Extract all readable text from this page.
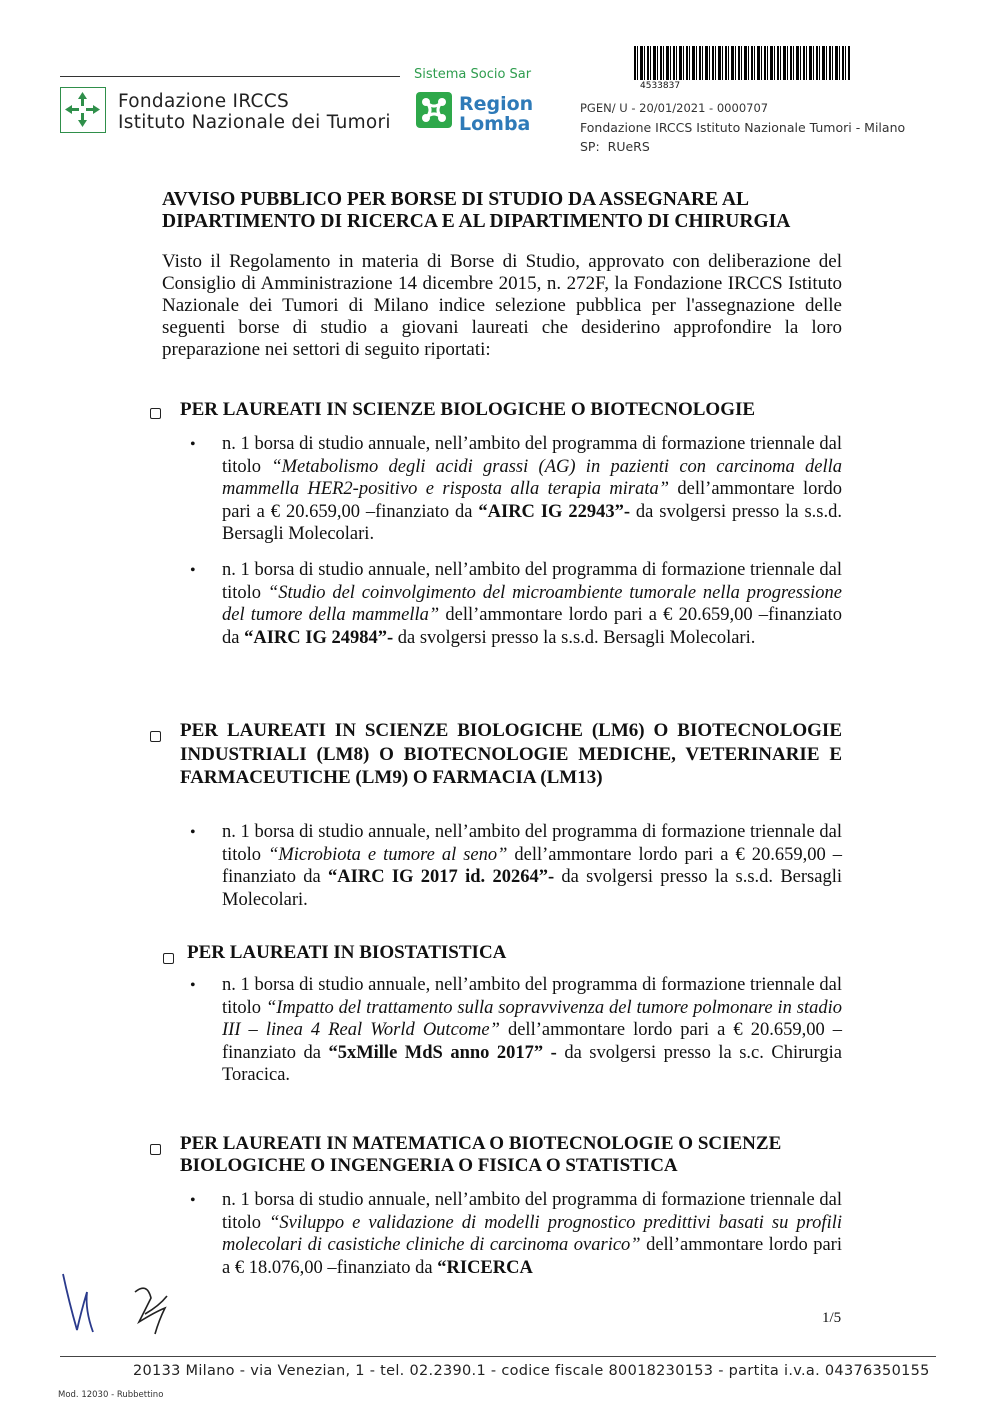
Sistema Socio Sar
Fondazione IRCCS
Istituto Nazionale dei Tumori
Region
Lomba
4533837
PGEN/ U - 20/01/2021 - 0000707
Fondazione IRCCS Istituto Nazionale Tumori - Milano
SP: RUeRS
AVVISO PUBBLICO PER BORSE DI STUDIO DA ASSEGNARE AL
DIPARTIMENTO DI RICERCA E AL DIPARTIMENTO DI CHIRURGIA
Visto il Regolamento in materia di Borse di Studio, approvato con deliberazione del Consiglio di Amministrazione 14 dicembre 2015, n. 272F, la Fondazione IRCCS Istituto Nazionale dei Tumori di Milano indice selezione pubblica per l'assegnazione delle seguenti borse di studio a giovani laureati che desiderino approfondire la loro preparazione nei settori di seguito riportati:
PER LAUREATI IN SCIENZE BIOLOGICHE O BIOTECNOLOGIE
• n. 1 borsa di studio annuale, nell’ambito del programma di formazione triennale dal titolo “Metabolismo degli acidi grassi (AG) in pazienti con carcinoma della mammella HER2-positivo e risposta alla terapia mirata” dell’ammontare lordo pari a € 20.659,00 –finanziato da “AIRC IG 22943”- da svolgersi presso la s.s.d. Bersagli Molecolari.
• n. 1 borsa di studio annuale, nell’ambito del programma di formazione triennale dal titolo “Studio del coinvolgimento del microambiente tumorale nella progressione del tumore della mammella” dell’ammontare lordo pari a € 20.659,00 –finanziato da “AIRC IG 24984”- da svolgersi presso la s.s.d. Bersagli Molecolari.
PER LAUREATI IN SCIENZE BIOLOGICHE (LM6) O BIOTECNOLOGIE INDUSTRIALI (LM8) O BIOTECNOLOGIE MEDICHE, VETERINARIE E FARMACEUTICHE (LM9) O FARMACIA (LM13)
• n. 1 borsa di studio annuale, nell’ambito del programma di formazione triennale dal titolo “Microbiota e tumore al seno” dell’ammontare lordo pari a € 20.659,00 –finanziato da “AIRC IG 2017 id. 20264”- da svolgersi presso la s.s.d. Bersagli Molecolari.
PER LAUREATI IN BIOSTATISTICA
• n. 1 borsa di studio annuale, nell’ambito del programma di formazione triennale dal titolo “Impatto del trattamento sulla sopravvivenza del tumore polmonare in stadio III – linea 4 Real World Outcome” dell’ammontare lordo pari a € 20.659,00 –finanziato da “5xMille MdS anno 2017” - da svolgersi presso la s.c. Chirurgia Toracica.
PER LAUREATI IN MATEMATICA O BIOTECNOLOGIE O SCIENZE BIOLOGICHE O INGENGERIA O FISICA O STATISTICA
• n. 1 borsa di studio annuale, nell’ambito del programma di formazione triennale dal titolo “Sviluppo e validazione di modelli prognostico predittivi basati su profili molecolari di casistiche cliniche di carcinoma ovarico” dell’ammontare lordo pari a € 18.076,00 –finanziato da “RICERCA
1/5
20133 Milano - via Venezian, 1 - tel. 02.2390.1 - codice fiscale 80018230153 - partita i.v.a. 04376350155
Mod. 12030 - Rubbettino
